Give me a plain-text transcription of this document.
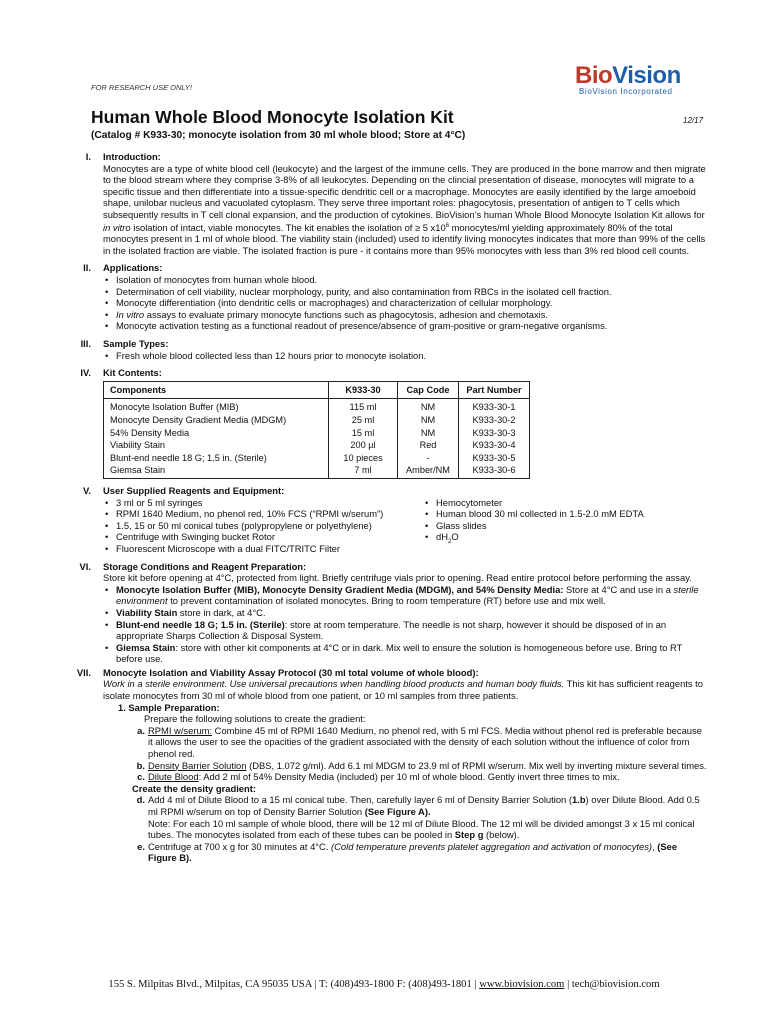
FOR RESEARCH USE ONLY!	BioVision
BioVision Incorporated
Human Whole Blood Monocyte Isolation Kit	12/17
(Catalog # K933-30; monocyte isolation from 30 ml whole blood; Store at 4°C)
I. Introduction:

Monocytes are a type of white blood cell (leukocyte) and the largest of the immune cells. They are produced in the bone marrow and then migrate to the blood stream where they comprise 3-8% of all leukocytes. Depending on the clincial presentation of disease, monocytes will migrate to a specific tissue and then differentiate into a tissue-specific dendritic cell or a macrophage. Monocytes are easily identified by the large amoeboid shape, unilobar nucleus and vacuolated cytoplasm. They serve three important roles: phagocytosis, presentation of antigen to T cells which subsequently results in T cell clonal expansion, and the production of cytokines. BioVision’s human Whole Blood Monocyte Isolation Kit allows for in vitro isolation of intact, viable monocytes. The kit enables the isolation of ≥ 5 $x10^6$ monocytes/ml yielding approximately 80% of the total monocytes present in 1 ml of whole blood. The viability stain (included) used to identify living monocytes indicates that more than 99% of the cells in the isolated fraction are viable. The isolated fraction is pure - it contains more than 95% monocytes with less than 3% red blood cell counts.

II. Applications:
• Isolation of monocytes from human whole blood.
• Determination of cell viability, nuclear morphology, purity, and also contamination from RBCs in the isolated cell fraction.
• Monocyte differentiation (into dendritic cells or macrophages) and characterization of cellular morphology.
• In vitro assays to evaluate primary monocyte functions such as phagocytosis, adhesion and chemotaxis.
• Monocyte activation testing as a functional readout of presence/absence of gram-positive or gram-negative organisms.
III. Sample Types:
• Fresh whole blood collected less than 12 hours prior to monocyte isolation.
IV. Kit Contents:
Components	K933-30	Cap Code	Part Number
Monocyte Isolation Buffer (MIB)	115 ml	NM	K933-30-1
Monocyte Density Gradient Media (MDGM)	25 ml	NM	K933-30-2
54% Density Media	15 ml	NM	K933-30-3
Viability Stain	200 µl	Red	K933-30-4
Blunt-end needle 18 G; 1.5 in. (Sterile)	10 pieces	-	K933-30-5
Giemsa Stain	7 ml	Amber/NM	K933-30-6
V. User Supplied Reagents and Equipment:
• 3 ml or 5 ml syringes
• RPMI 1640 Medium, no phenol red, 10% FCS (“RPMI w/serum”)
• 1.5, 15 or 50 ml conical tubes (polypropylene or polyethylene)
• Centrifuge with Swinging bucket Rotor
• Fluorescent Microscope with a dual FITC/TRITC Filter
• Hemocytometer
• Human blood 30 ml collected in 1.5-2.0 mM EDTA
• Glass slides
• $dH_2O$
VI. Storage Conditions and Reagent Preparation:

Store kit before opening at 4°C, protected from light. Briefly centrifuge vials prior to opening. Read entire protocol before performing the assay.

• Monocyte Isolation Buffer (MIB), Monocyte Density Gradient Media (MDGM), and 54% Density Media: Store at 4°C and use in a sterile environment to prevent contamination of isolated monocytes. Bring to room temperature (RT) before use and mix well.
• Viability Stain store in dark, at 4°C.
• Blunt-end needle 18 G; 1.5 in. (Sterile): store at room temperature. The needle is not sharp, however it should be disposed of in an appropriate Sharps Collection & Disposal System.
• Giemsa Stain: store with other kit components at 4°C or in dark. Mix well to ensure the solution is homogeneous before use. Bring to RT before use.
VII. Monocyte Isolation and Viability Assay Protocol (30 ml total volume of whole blood):

Work in a sterile environment. Use universal precautions when handling blood products and human body fluids. This kit has sufficient reagents to isolate monocytes from 30 ml of whole blood from one patient, or 10 ml samples from three patients.

1. Sample Preparation:
Prepare the following solutions to create the gradient:
a. RPMI w/serum: Combine 45 ml of RPMI 1640 Medium, no phenol red, with 5 ml FCS. Media without phenol red is preferable because it allows the user to see the opacities of the gradient associated with the density of each solution without the influence of color from phenol red.
b. Density Barrier Solution (DBS, 1.072 g/ml). Add 6.1 ml MDGM to 23.9 ml of RPMI w/serum. Mix well by inverting mixture several times.
c. Dilute Blood: Add 2 ml of 54% Density Media (included) per 10 ml of whole blood. Gently invert three times to mix.
Create the density gradient:
d. Add 4 ml of Dilute Blood to a 15 ml conical tube. Then, carefully layer 6 ml of Density Barrier Solution (1.b) over Dilute Blood. Add 0.5 ml RPMI w/serum on top of Density Barrier Solution (See Figure A).
Note: For each 10 ml sample of whole blood, there will be 12 ml of Dilute Blood. The 12 ml will be divided amongst 3 x 15 ml conical tubes. The monocytes isolated from each of these tubes can be pooled in Step g (below).
e. Centrifuge at 700 x g for 30 minutes at 4°C. (Cold temperature prevents platelet aggregation and activation of monocytes), (See Figure B).
155 S. Milpitas Blvd., Milpitas, CA 95035 USA | T: (408)493-1800 F: (408)493-1801 | www.biovision.com | tech@biovision.com
